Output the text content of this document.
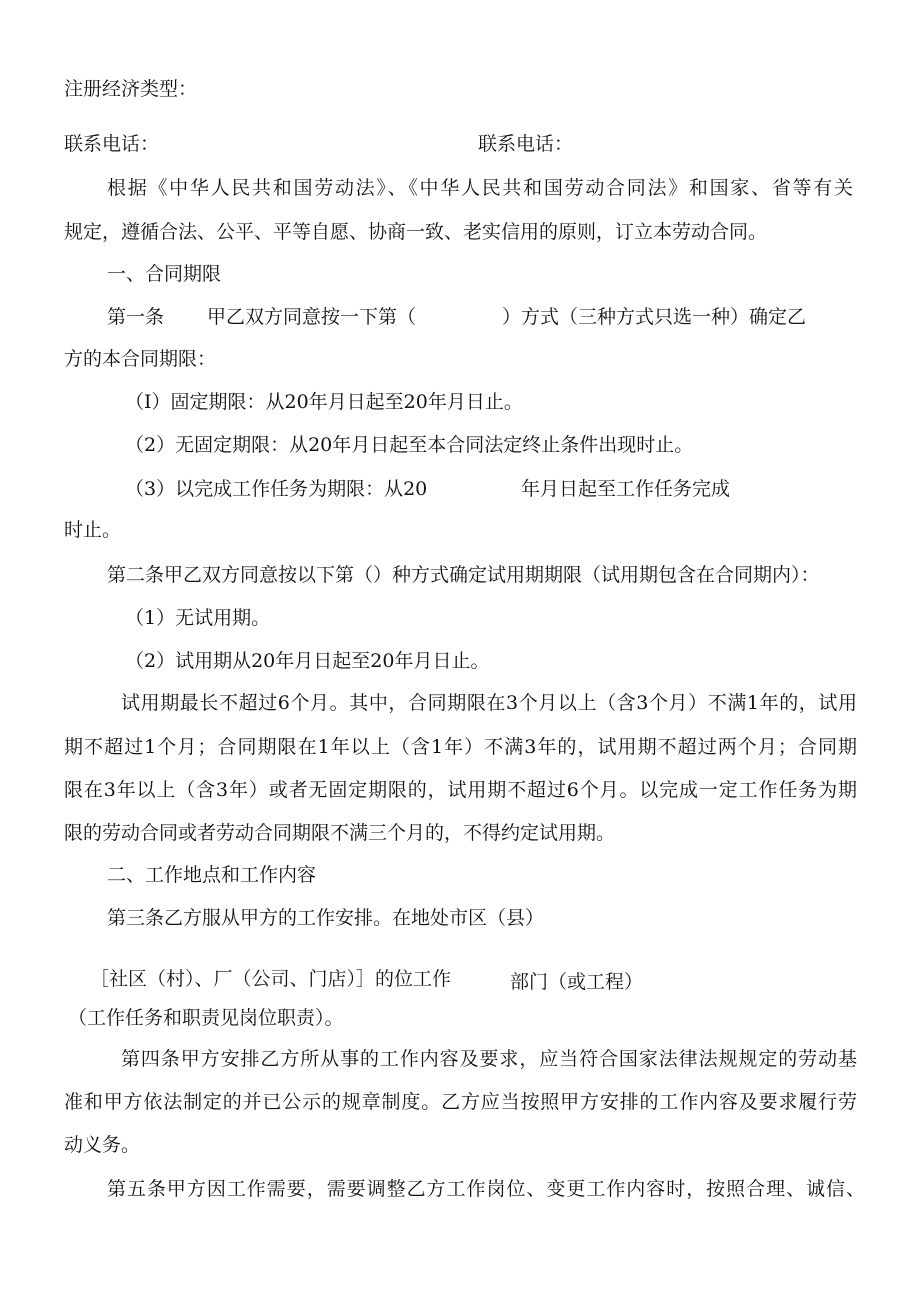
注册经济类型：
联系电话：	联系电话：
根据《中华人民共和国劳动法》、《中华人民共和国劳动合同法》和国家、省等有关
规定，遵循合法、公平、平等自愿、协商一致、老实信用的原则，订立本劳动合同。
一、合同期限
第一条 甲乙双方同意按一下第（	）方式（三种方式只选一种）确定乙
方的本合同期限：
（I）固定期限：从20年月日起至20年月日止。
（2）无固定期限：从20年月日起至本合同法定终止条件出现时止。
（3）以完成工作任务为期限：从20	年月日起至工作任务完成
时止。
第二条甲乙双方同意按以下第（）种方式确定试用期期限（试用期包含在合同期内）：
（1）无试用期。
（2）试用期从20年月日起至20年月日止。
试用期最长不超过6个月。其中，合同期限在3个月以上（含3个月）不满1年的，试用
期不超过1个月；合同期限在1年以上（含1年）不满3年的，试用期不超过两个月；合同期
限在3年以上（含3年）或者无固定期限的，试用期不超过6个月。以完成一定工作任务为期
限的劳动合同或者劳动合同期限不满三个月的，不得约定试用期。
二、工作地点和工作内容
第三条乙方服从甲方的工作安排。在地处市区（县）
［社区（村）、厂（公司、门店）］的位工作	部门（或工程）
（工作任务和职责见岗位职责）。
第四条甲方安排乙方所从事的工作内容及要求，应当符合国家法律法规规定的劳动基
准和甲方依法制定的并已公示的规章制度。乙方应当按照甲方安排的工作内容及要求履行劳
动义务。
第五条甲方因工作需要，需要调整乙方工作岗位、变更工作内容时，按照合理、诚信、
